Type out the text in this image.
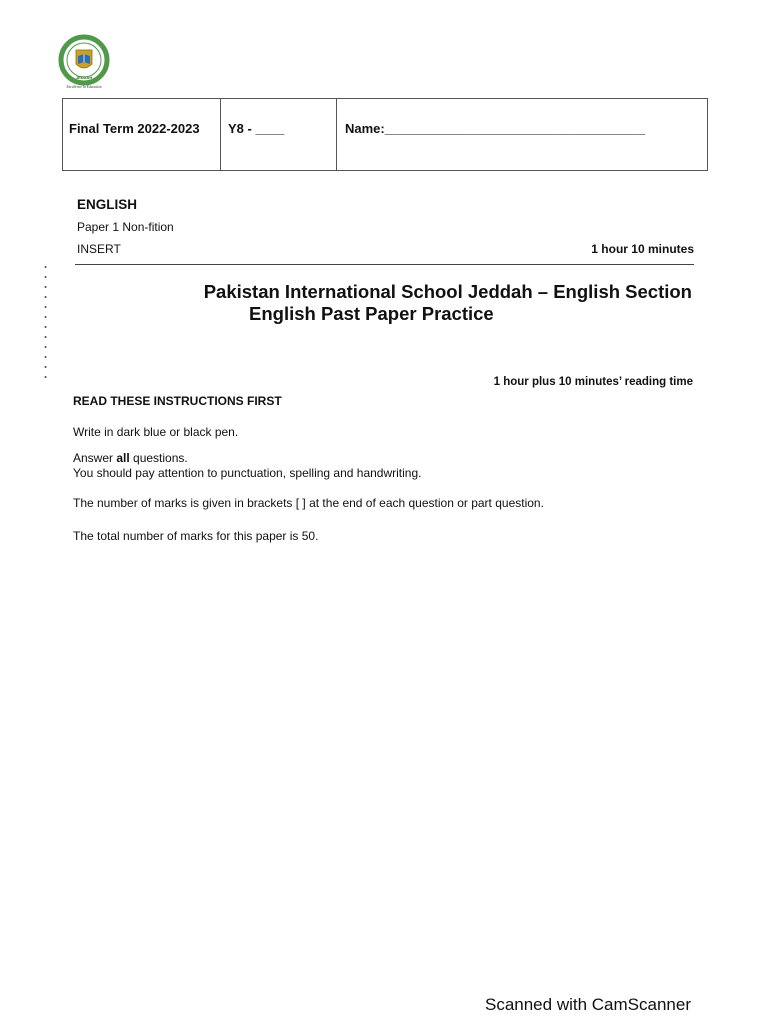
JEDDAH
Excellence In Education
Final Term 2022-2023	Y8 - ____	Name:____________________________________
ENGLISH
Paper 1 Non-fition
INSERT	1 hour 10 minutes
Pakistan International School Jeddah – English Section
English Past Paper Practice
1 hour plus 10 minutes’ reading time
READ THESE INSTRUCTIONS FIRST
Write in dark blue or black pen.
Answer all questions.
You should pay attention to punctuation, spelling and handwriting.
The number of marks is given in brackets [ ] at the end of each question or part question.
The total number of marks for this paper is 50.
Scanned with CamScanner
